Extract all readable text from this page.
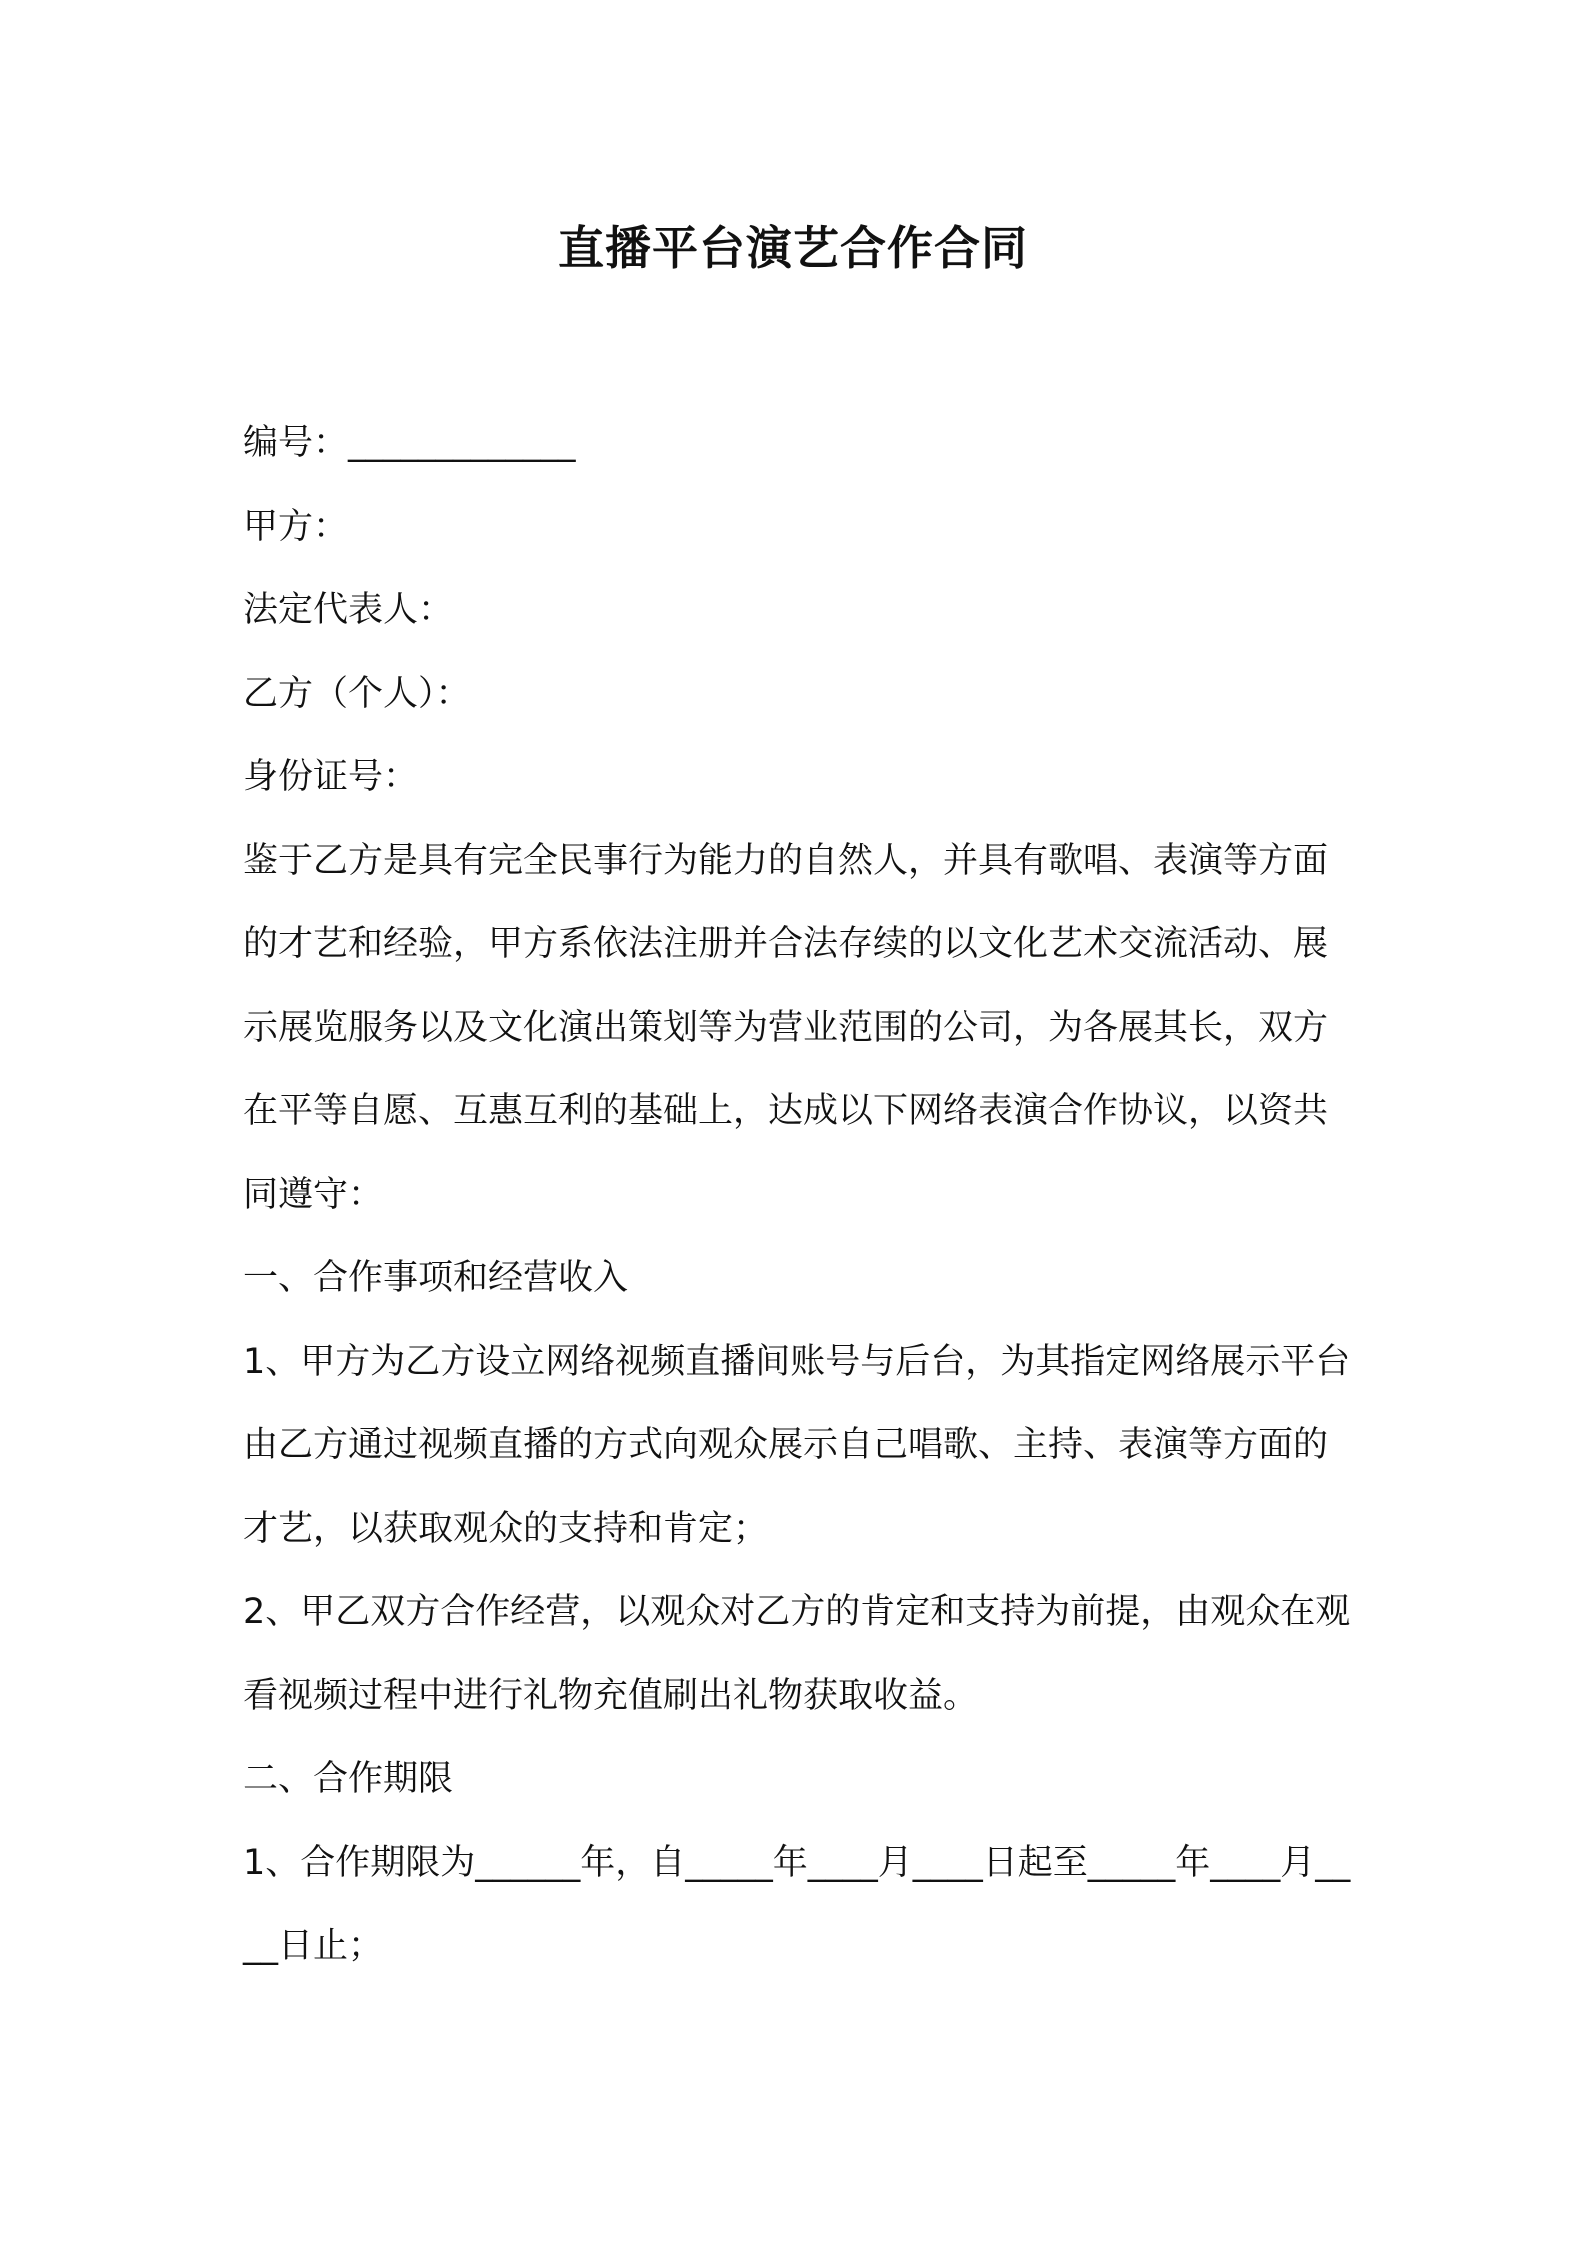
直播平台演艺合作合同
编号：_____________
甲方：
法定代表人：
乙方（个人）：
身份证号：
鉴于乙方是具有完全民事行为能力的自然人，并具有歌唱、表演等方面的才艺和经验，甲方系依法注册并合法存续的以文化艺术交流活动、展示展览服务以及文化演出策划等为营业范围的公司，为各展其长，双方在平等自愿、互惠互利的基础上，达成以下网络表演合作协议，以资共同遵守：
一、合作事项和经营收入
1、甲方为乙方设立网络视频直播间账号与后台，为其指定网络展示平台由乙方通过视频直播的方式向观众展示自己唱歌、主持、表演等方面的才艺，以获取观众的支持和肯定；
2、甲乙双方合作经营，以观众对乙方的肯定和支持为前提，由观众在观看视频过程中进行礼物充值刷出礼物获取收益。
二、合作期限
1、合作期限为______年，自_____年____月____日起至_____年____月____日止；
